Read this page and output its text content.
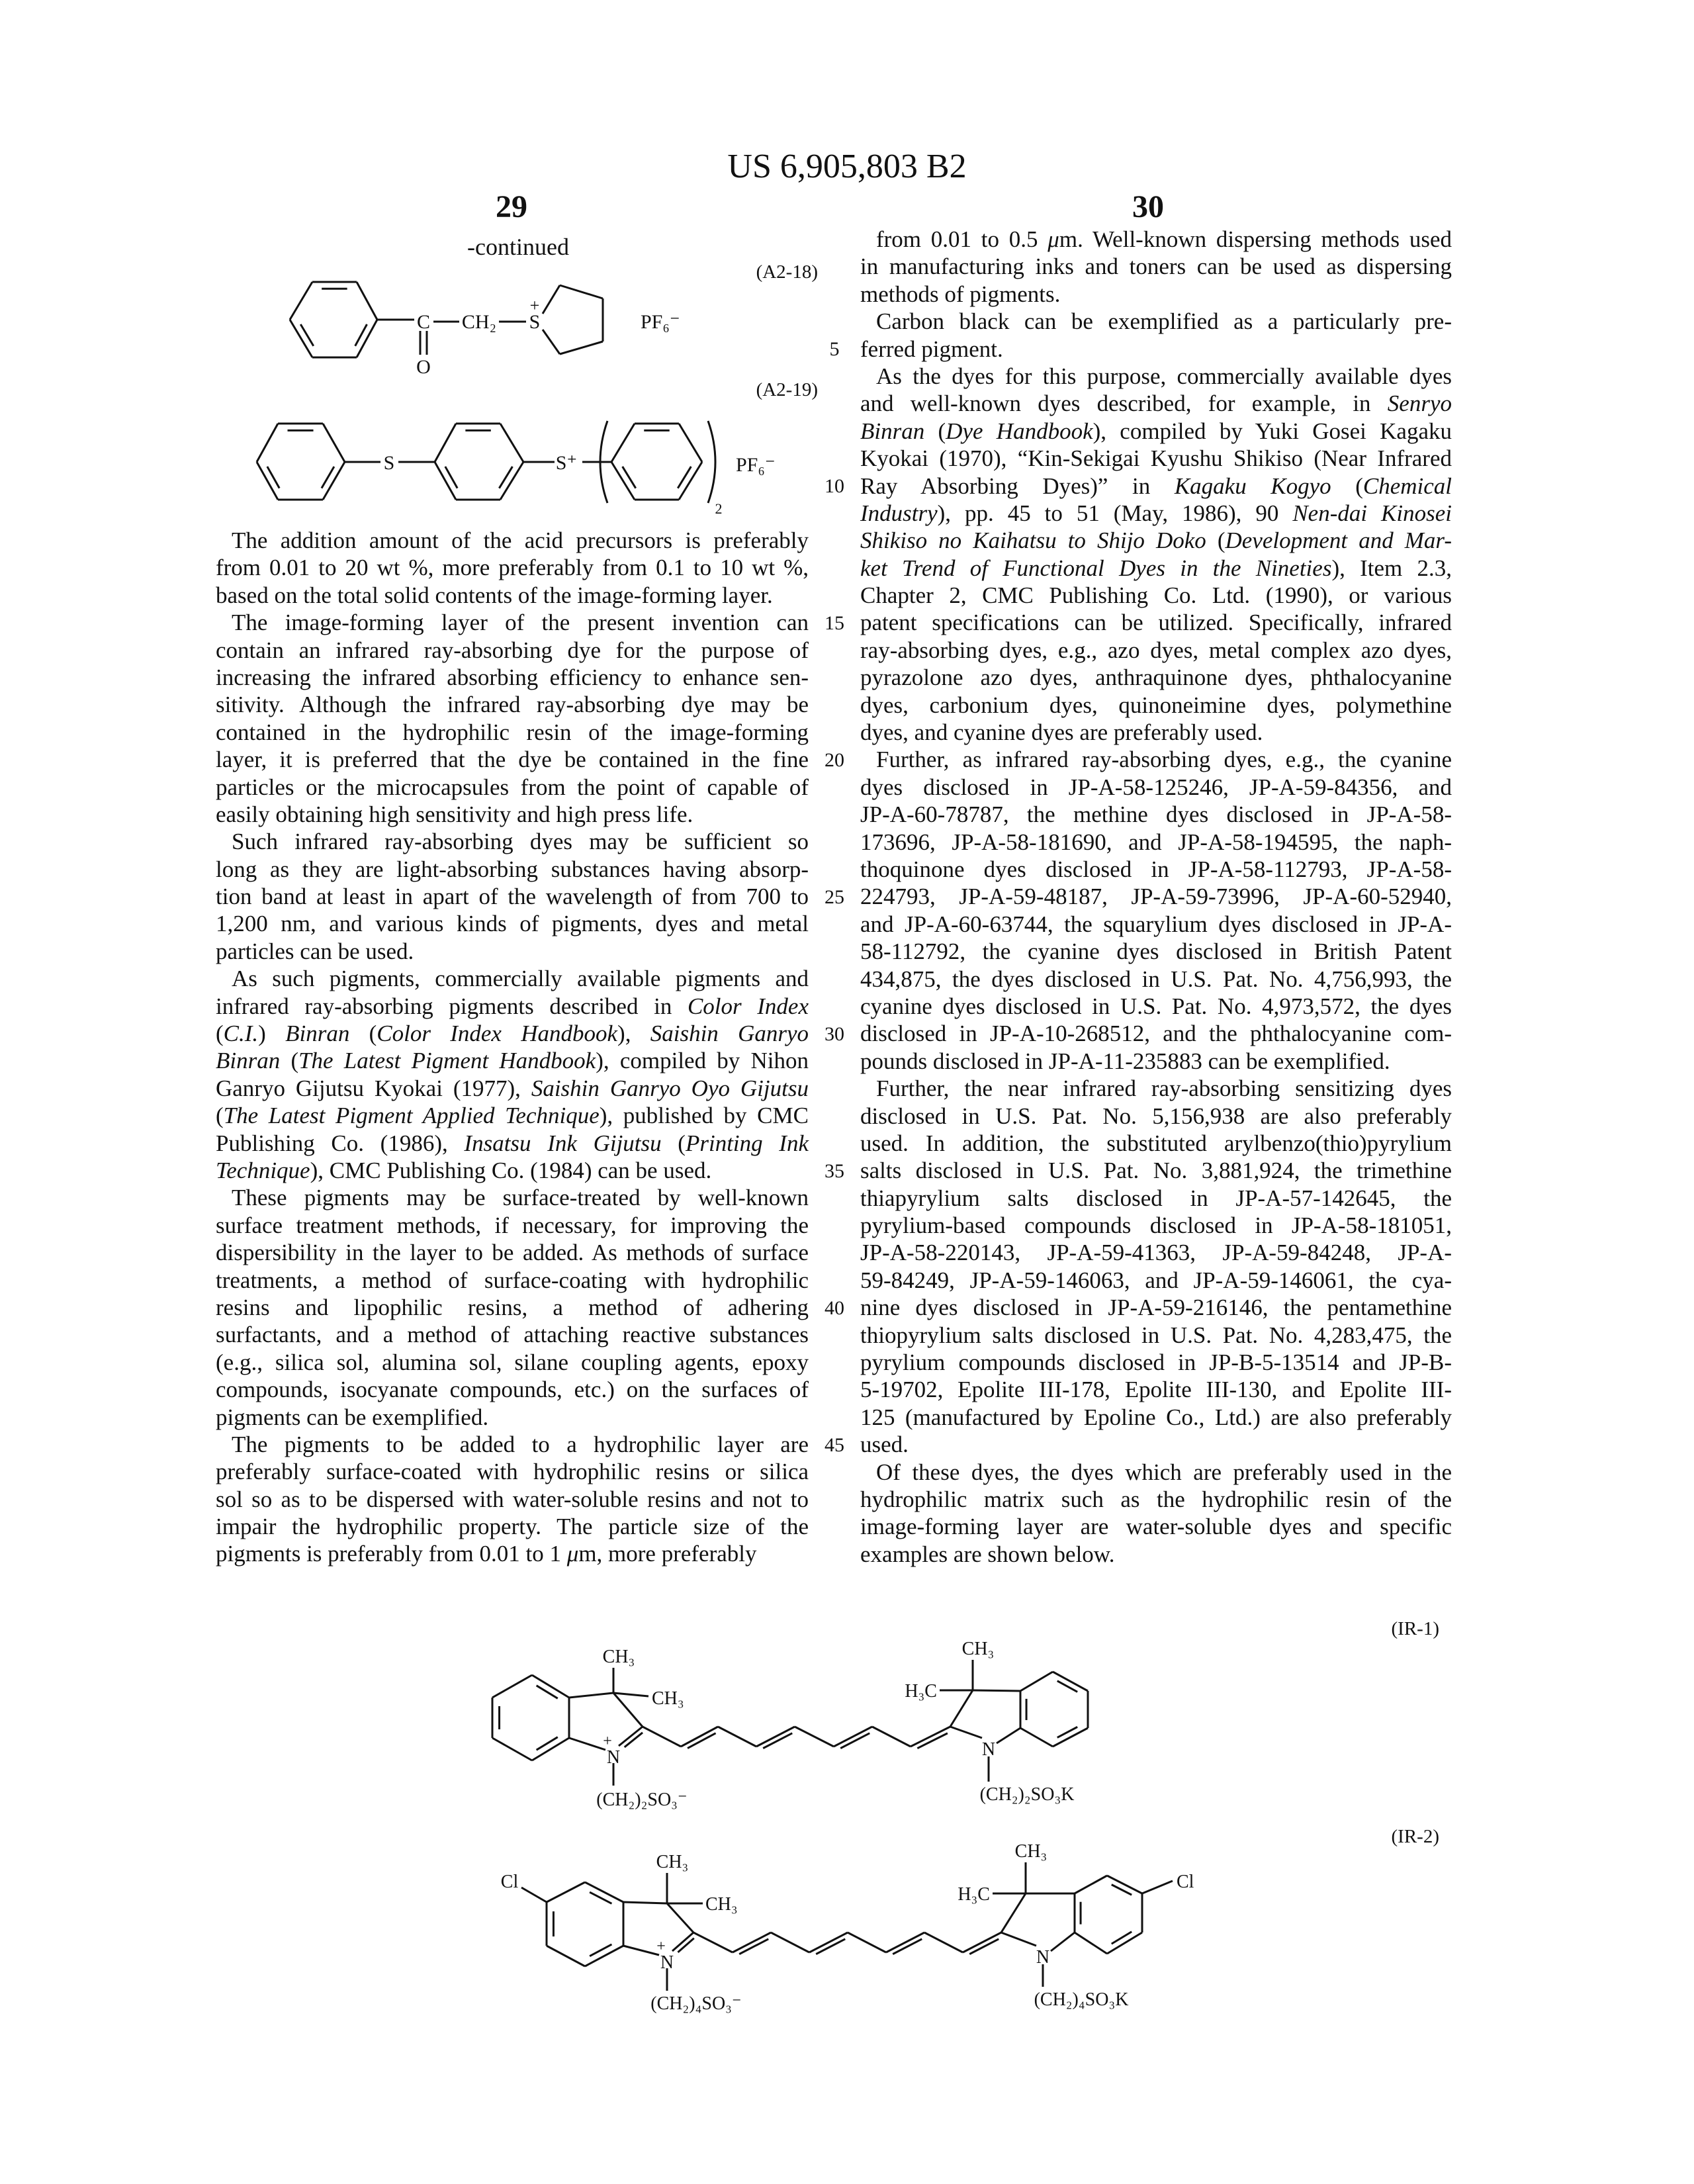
US 6,905,803 B2
29	30
The addition amount of the acid precursors is preferably
from 0.01 to 20 wt %, more preferably from 0.1 to 10 wt %,
based on the total solid contents of the image-forming layer.
The image-forming layer of the present invention can
contain an infrared ray-absorbing dye for the purpose of
increasing the infrared absorbing efficiency to enhance sen-
sitivity. Although the infrared ray-absorbing dye may be
contained in the hydrophilic resin of the image-forming
layer, it is preferred that the dye be contained in the fine
particles or the microcapsules from the point of capable of
easily obtaining high sensitivity and high press life.
Such infrared ray-absorbing dyes may be sufficient so
long as they are light-absorbing substances having absorp-
tion band at least in apart of the wavelength of from 700 to
1,200 nm, and various kinds of pigments, dyes and metal
particles can be used.
As such pigments, commercially available pigments and
infrared ray-absorbing pigments described in Color Index
(C.I.) Binran (Color Index Handbook), Saishin Ganryo
Binran (The Latest Pigment Handbook), compiled by Nihon
Ganryo Gijutsu Kyokai (1977), Saishin Ganryo Oyo Gijutsu
(The Latest Pigment Applied Technique), published by CMC
Publishing Co. (1986), Insatsu Ink Gijutsu (Printing Ink
Technique), CMC Publishing Co. (1984) can be used.
These pigments may be surface-treated by well-known
surface treatment methods, if necessary, for improving the
dispersibility in the layer to be added. As methods of surface
treatments, a method of surface-coating with hydrophilic
resins and lipophilic resins, a method of adhering
surfactants, and a method of attaching reactive substances
(e.g., silica sol, alumina sol, silane coupling agents, epoxy
compounds, isocyanate compounds, etc.) on the surfaces of
pigments can be exemplified.
The pigments to be added to a hydrophilic layer are
preferably surface-coated with hydrophilic resins or silica
sol so as to be dispersed with water-soluble resins and not to
impair the hydrophilic property. The particle size of the
pigments is preferably from 0.01 to 1 μm, more preferably
from 0.01 to 0.5 μm. Well-known dispersing methods used
in manufacturing inks and toners can be used as dispersing
methods of pigments.
Carbon black can be exemplified as a particularly pre-
ferred pigment.
As the dyes for this purpose, commercially available dyes
and well-known dyes described, for example, in Senryo
Binran (Dye Handbook), compiled by Yuki Gosei Kagaku
Kyokai (1970), “Kin-Sekigai Kyushu Shikiso (Near Infrared
Ray Absorbing Dyes)” in Kagaku Kogyo (Chemical
Industry), pp. 45 to 51 (May, 1986), 90 Nen-dai Kinosei
Shikiso no Kaihatsu to Shijo Doko (Development and Mar-
ket Trend of Functional Dyes in the Nineties), Item 2.3,
Chapter 2, CMC Publishing Co. Ltd. (1990), or various
patent specifications can be utilized. Specifically, infrared
ray-absorbing dyes, e.g., azo dyes, metal complex azo dyes,
pyrazolone azo dyes, anthraquinone dyes, phthalocyanine
dyes, carbonium dyes, quinoneimine dyes, polymethine
dyes, and cyanine dyes are preferably used.
Further, as infrared ray-absorbing dyes, e.g., the cyanine
dyes disclosed in JP-A-58-125246, JP-A-59-84356, and
JP-A-60-78787, the methine dyes disclosed in JP-A-58-
173696, JP-A-58-181690, and JP-A-58-194595, the naph-
thoquinone dyes disclosed in JP-A-58-112793, JP-A-58-
224793, JP-A-59-48187, JP-A-59-73996, JP-A-60-52940,
and JP-A-60-63744, the squarylium dyes disclosed in JP-A-
58-112792, the cyanine dyes disclosed in British Patent
434,875, the dyes disclosed in U.S. Pat. No. 4,756,993, the
cyanine dyes disclosed in U.S. Pat. No. 4,973,572, the dyes
disclosed in JP-A-10-268512, and the phthalocyanine com-
pounds disclosed in JP-A-11-235883 can be exemplified.
Further, the near infrared ray-absorbing sensitizing dyes
disclosed in U.S. Pat. No. 5,156,938 are also preferably
used. In addition, the substituted arylbenzo(thio)pyrylium
salts disclosed in U.S. Pat. No. 3,881,924, the trimethine
thiapyrylium salts disclosed in JP-A-57-142645, the
pyrylium-based compounds disclosed in JP-A-58-181051,
JP-A-58-220143, JP-A-59-41363, JP-A-59-84248, JP-A-
59-84249, JP-A-59-146063, and JP-A-59-146061, the cya-
nine dyes disclosed in JP-A-59-216146, the pentamethine
thiopyrylium salts disclosed in U.S. Pat. No. 4,283,475, the
pyrylium compounds disclosed in JP-B-5-13514 and JP-B-
5-19702, Epolite III-178, Epolite III-130, and Epolite III-
125 (manufactured by Epoline Co., Ltd.) are also preferably
used.
Of these dyes, the dyes which are preferably used in the
hydrophilic matrix such as the hydrophilic resin of the
image-forming layer are water-soluble dyes and specific
examples are shown below.
5
10
15
20
25
30
35
40
45
-continued
(A2-18)
C
O
CH₂ S
+
PF₆⁻
(A2-19)
S	S⁺
2
PF₆⁻
(IR-1)
CH₃
CH₃
N
+
(CH₂)₂SO₃⁻
H₃C
CH₃
N
(CH₂)₂SO₃K
(IR-2)
Cl
CH₃
CH₃
N
+
(CH₂)₄SO₃⁻
H₃C
CH₃
N
Cl
(CH₂)₄SO₃K
